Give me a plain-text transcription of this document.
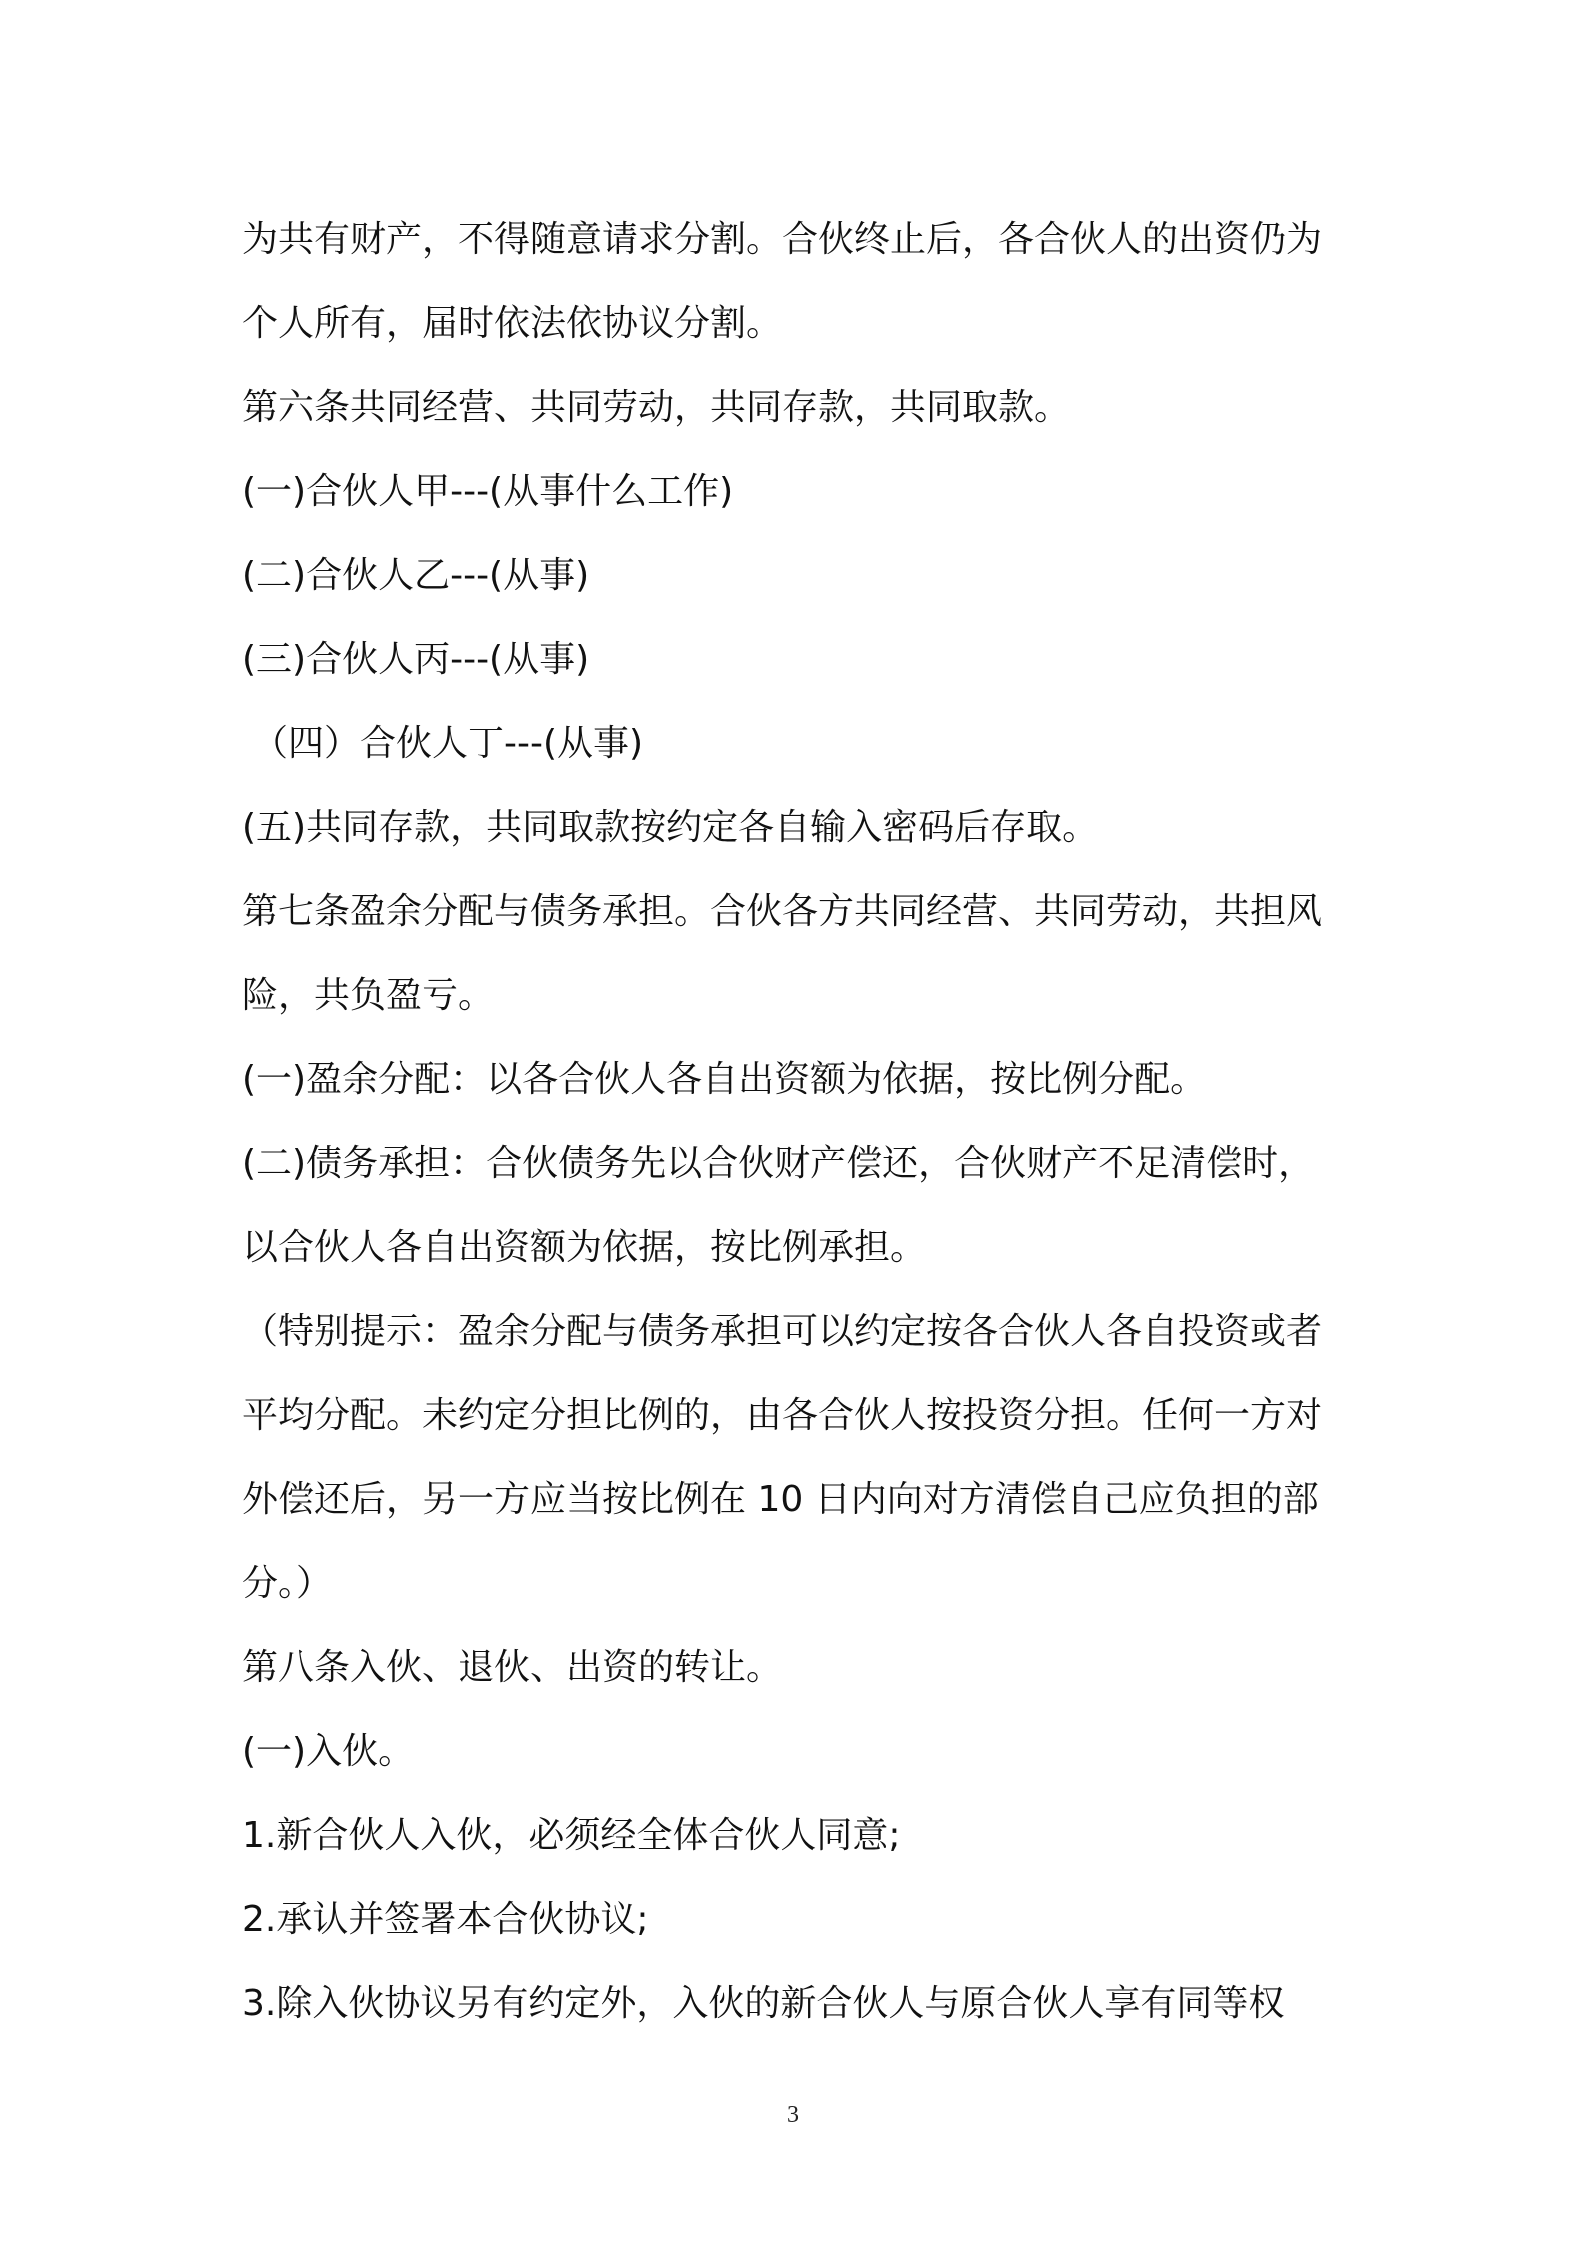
为共有财产，不得随意请求分割。合伙终止后，各合伙人的出资仍为
个人所有，届时依法依协议分割。
第六条共同经营、共同劳动，共同存款，共同取款。
(一)合伙人甲---(从事什么工作)
(二)合伙人乙---(从事)
(三)合伙人丙---(从事)
（四）合伙人丁---(从事)
(五)共同存款，共同取款按约定各自输入密码后存取。
第七条盈余分配与债务承担。合伙各方共同经营、共同劳动，共担风
险，共负盈亏。
(一)盈余分配：以各合伙人各自出资额为依据，按比例分配。
(二)债务承担：合伙债务先以合伙财产偿还，合伙财产不足清偿时，
以合伙人各自出资额为依据，按比例承担。
（特别提示：盈余分配与债务承担可以约定按各合伙人各自投资或者
平均分配。未约定分担比例的，由各合伙人按投资分担。任何一方对
外偿还后，另一方应当按比例在 10 日内向对方清偿自己应负担的部
分。）
第八条入伙、退伙、出资的转让。
(一)入伙。
1.新合伙人入伙，必须经全体合伙人同意;
2.承认并签署本合伙协议;
3.除入伙协议另有约定外，入伙的新合伙人与原合伙人享有同等权
3
